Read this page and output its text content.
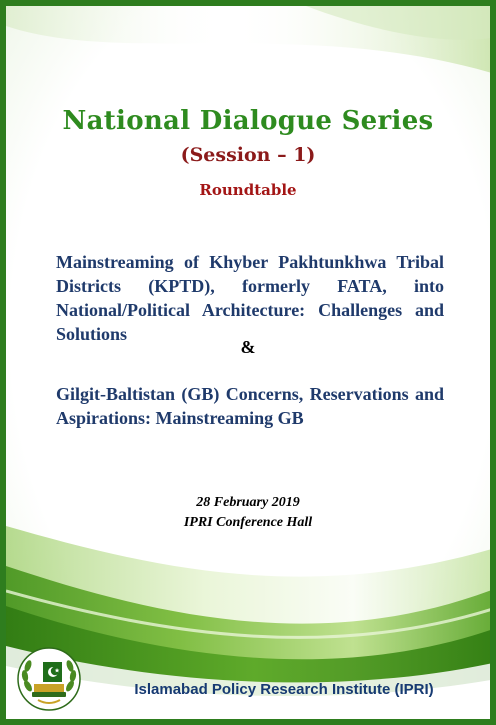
National Dialogue Series
(Session – 1)
Roundtable
Mainstreaming of Khyber Pakhtunkhwa Tribal Districts (KPTD), formerly FATA, into National/Political Architecture: Challenges and Solutions
&
Gilgit-Baltistan (GB) Concerns, Reservations and Aspirations: Mainstreaming GB
28 February 2019
IPRI Conference Hall
Islamabad Policy Research Institute (IPRI)
